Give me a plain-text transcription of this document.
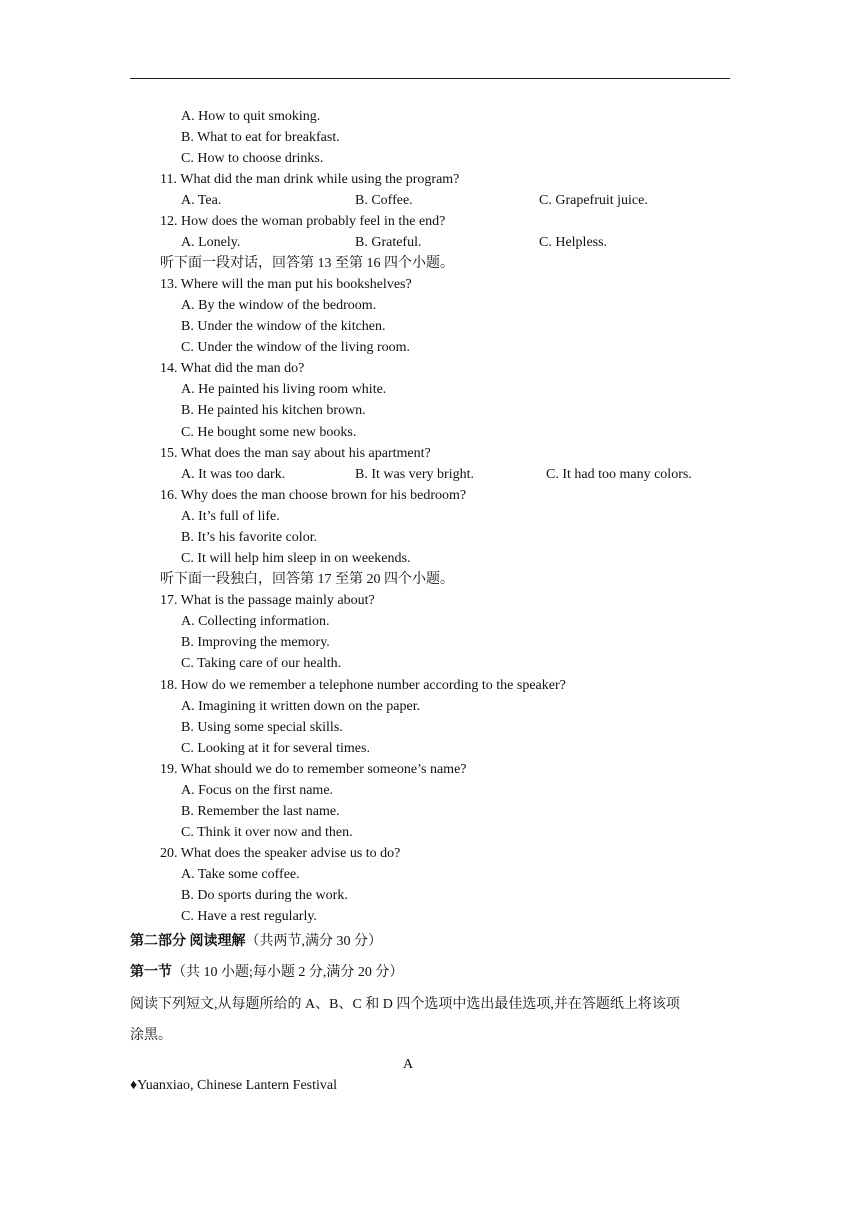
A. How to quit smoking.
B. What to eat for breakfast.
C. How to choose drinks.
11. What did the man drink while using the program?
A. Tea.	B. Coffee.	C. Grapefruit juice.
12. How does the woman probably feel in the end?
A. Lonely.	B. Grateful.	C. Helpless.
听下面一段对话，回答第 13 至第 16 四个小题。
13. Where will the man put his bookshelves?
A. By the window of the bedroom.
B. Under the window of the kitchen.
C. Under the window of the living room.
14. What did the man do?
A. He painted his living room white.
B. He painted his kitchen brown.
C. He bought some new books.
15. What does the man say about his apartment?
A. It was too dark.	B. It was very bright.	C. It had too many colors.
16. Why does the man choose brown for his bedroom?
A. It’s full of life.
B. It’s his favorite color.
C. It will help him sleep in on weekends.
听下面一段独白，回答第 17 至第 20 四个小题。
17. What is the passage mainly about?
A. Collecting information.
B. Improving the memory.
C. Taking care of our health.
18. How do we remember a telephone number according to the speaker?
A. Imagining it written down on the paper.
B. Using some special skills.
C. Looking at it for several times.
19. What should we do to remember someone’s name?
A. Focus on the first name.
B. Remember the last name.
C. Think it over now and then.
20. What does the speaker advise us to do?
A. Take some coffee.
B. Do sports during the work.
C. Have a rest regularly.
第二部分 阅读理解（共两节,满分 30 分）
第一节（共 10 小题;每小题 2 分,满分 20 分）
阅读下列短文,从每题所给的 A、B、C 和 D 四个选项中选出最佳选项,并在答题纸上将该项
涂黑。
A
♦Yuanxiao, Chinese Lantern Festival
